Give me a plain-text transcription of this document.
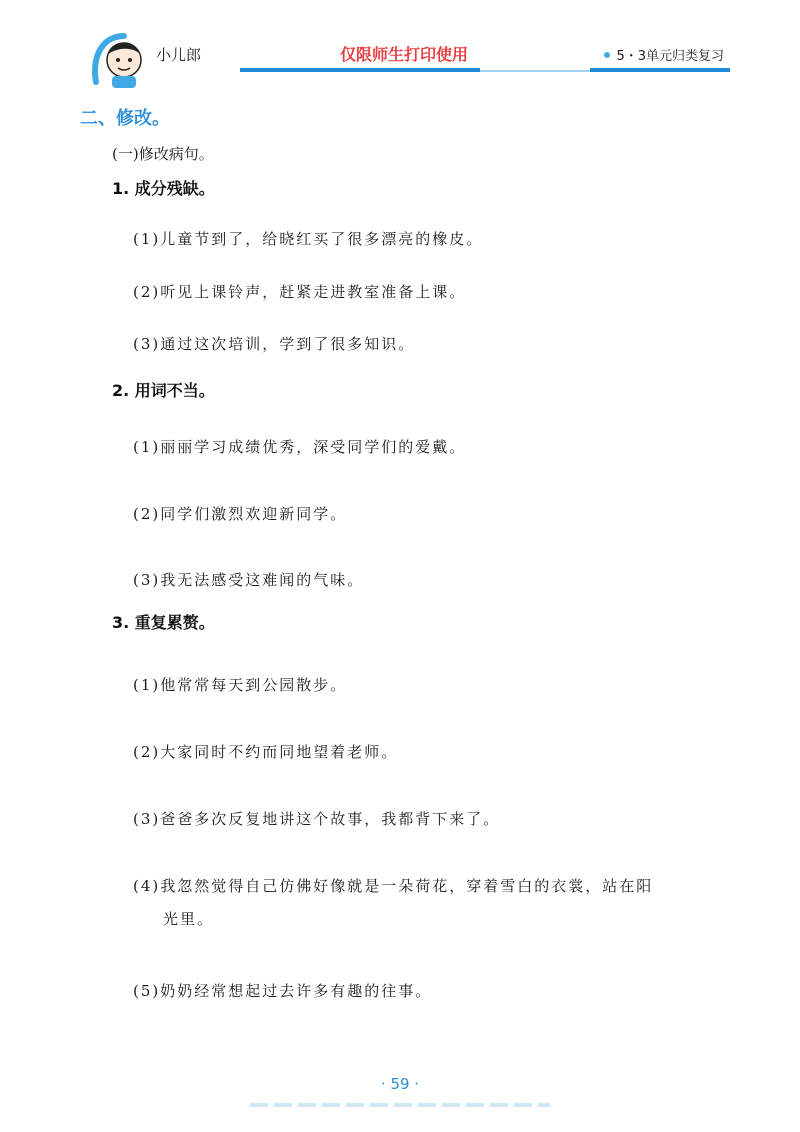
小儿郎	仅限师生打印使用	5・3单元归类复习
二、修改。
(一)修改病句。
1. 成分残缺。
(1)儿童节到了，给晓红买了很多漂亮的橡皮。
(2)听见上课铃声，赶紧走进教室准备上课。
(3)通过这次培训，学到了很多知识。
2. 用词不当。
(1)丽丽学习成绩优秀，深受同学们的爱戴。
(2)同学们激烈欢迎新同学。
(3)我无法感受这难闻的气味。
3. 重复累赘。
(1)他常常每天到公园散步。
(2)大家同时不约而同地望着老师。
(3)爸爸多次反复地讲这个故事，我都背下来了。
(4)我忽然觉得自己仿佛好像就是一朵荷花，穿着雪白的衣裳，站在阳
光里。
(5)奶奶经常想起过去许多有趣的往事。
· 59 ·
